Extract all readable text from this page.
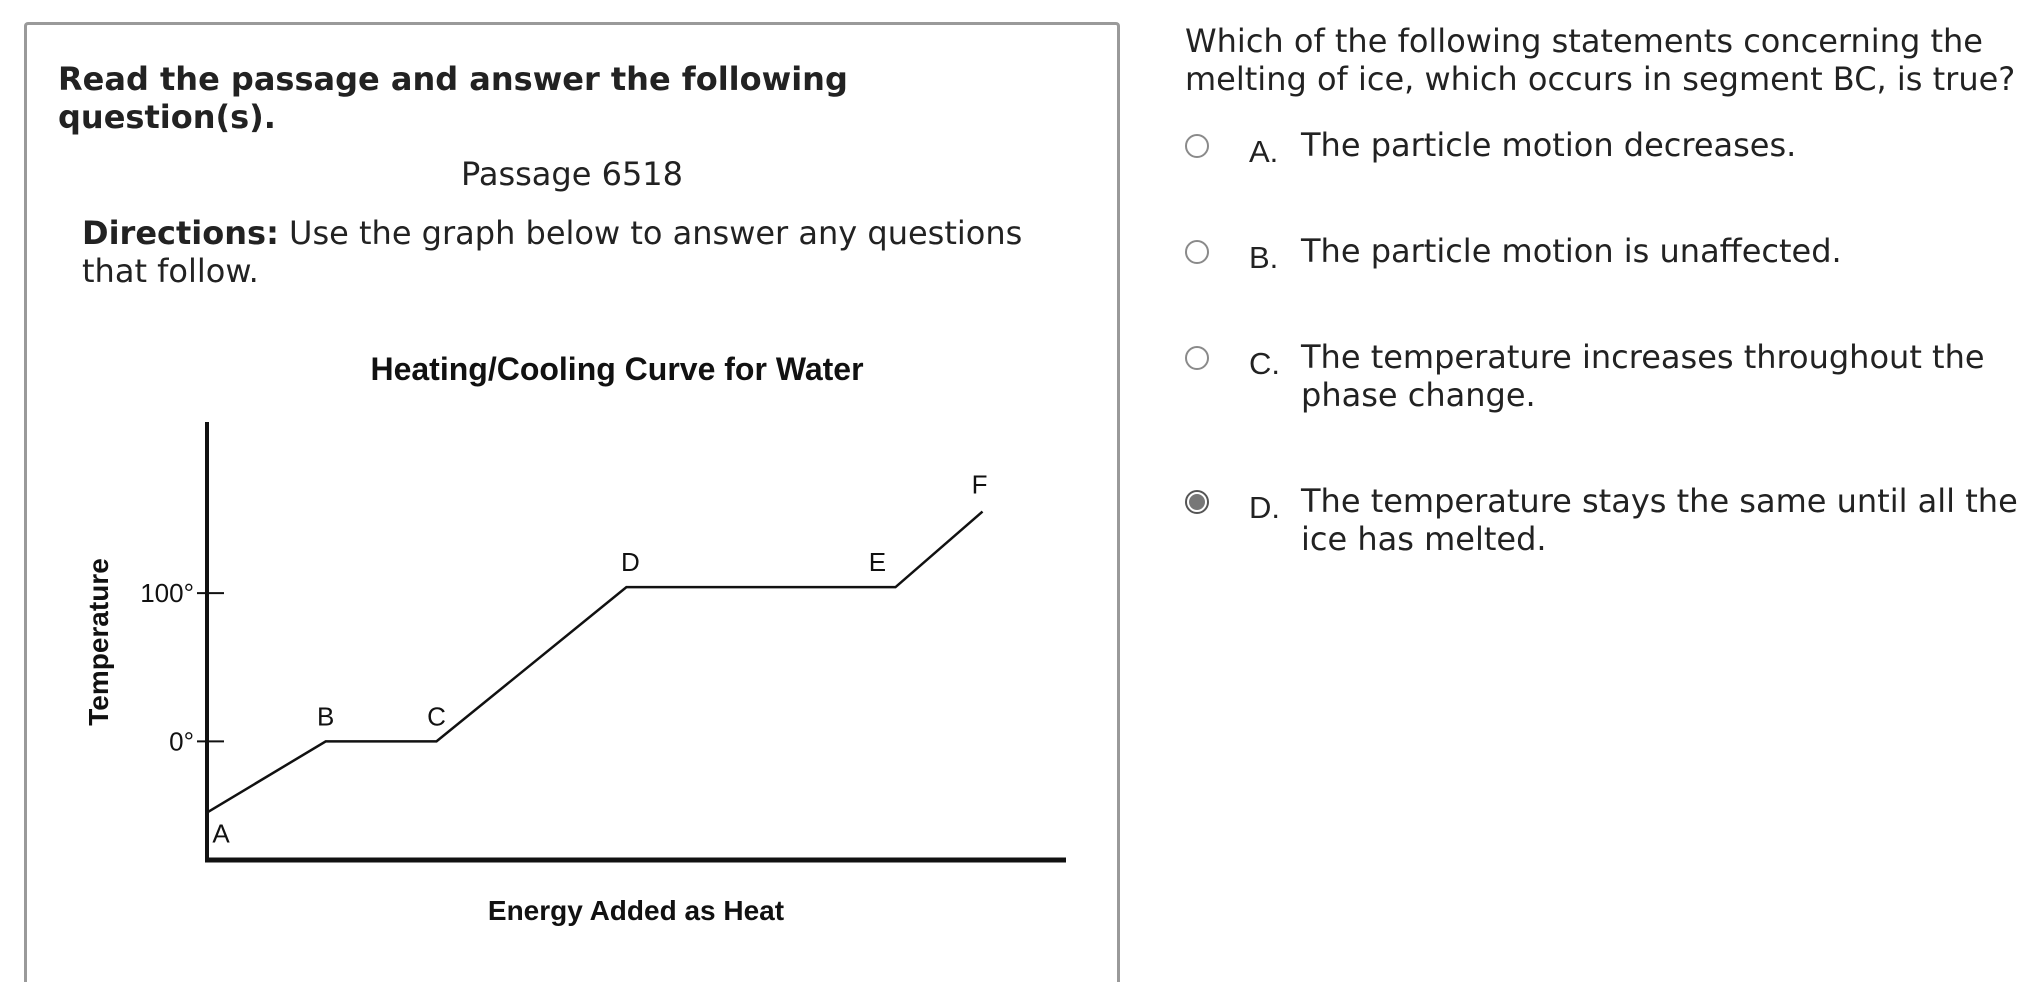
Read the passage and answer the following question(s).
Passage 6518
Directions: Use the graph below to answer any questions that follow.
Heating/Cooling Curve for Water
Energy Added as Heat
Temperature
0°
100°
A
B	C
D	E
F
Which of the following statements concerning the melting of ice, which occurs in segment BC, is true?
A. The particle motion decreases.
B. The particle motion is unaffected.
C. The temperature increases throughout the phase change.
D. The temperature stays the same until all the ice has melted.
